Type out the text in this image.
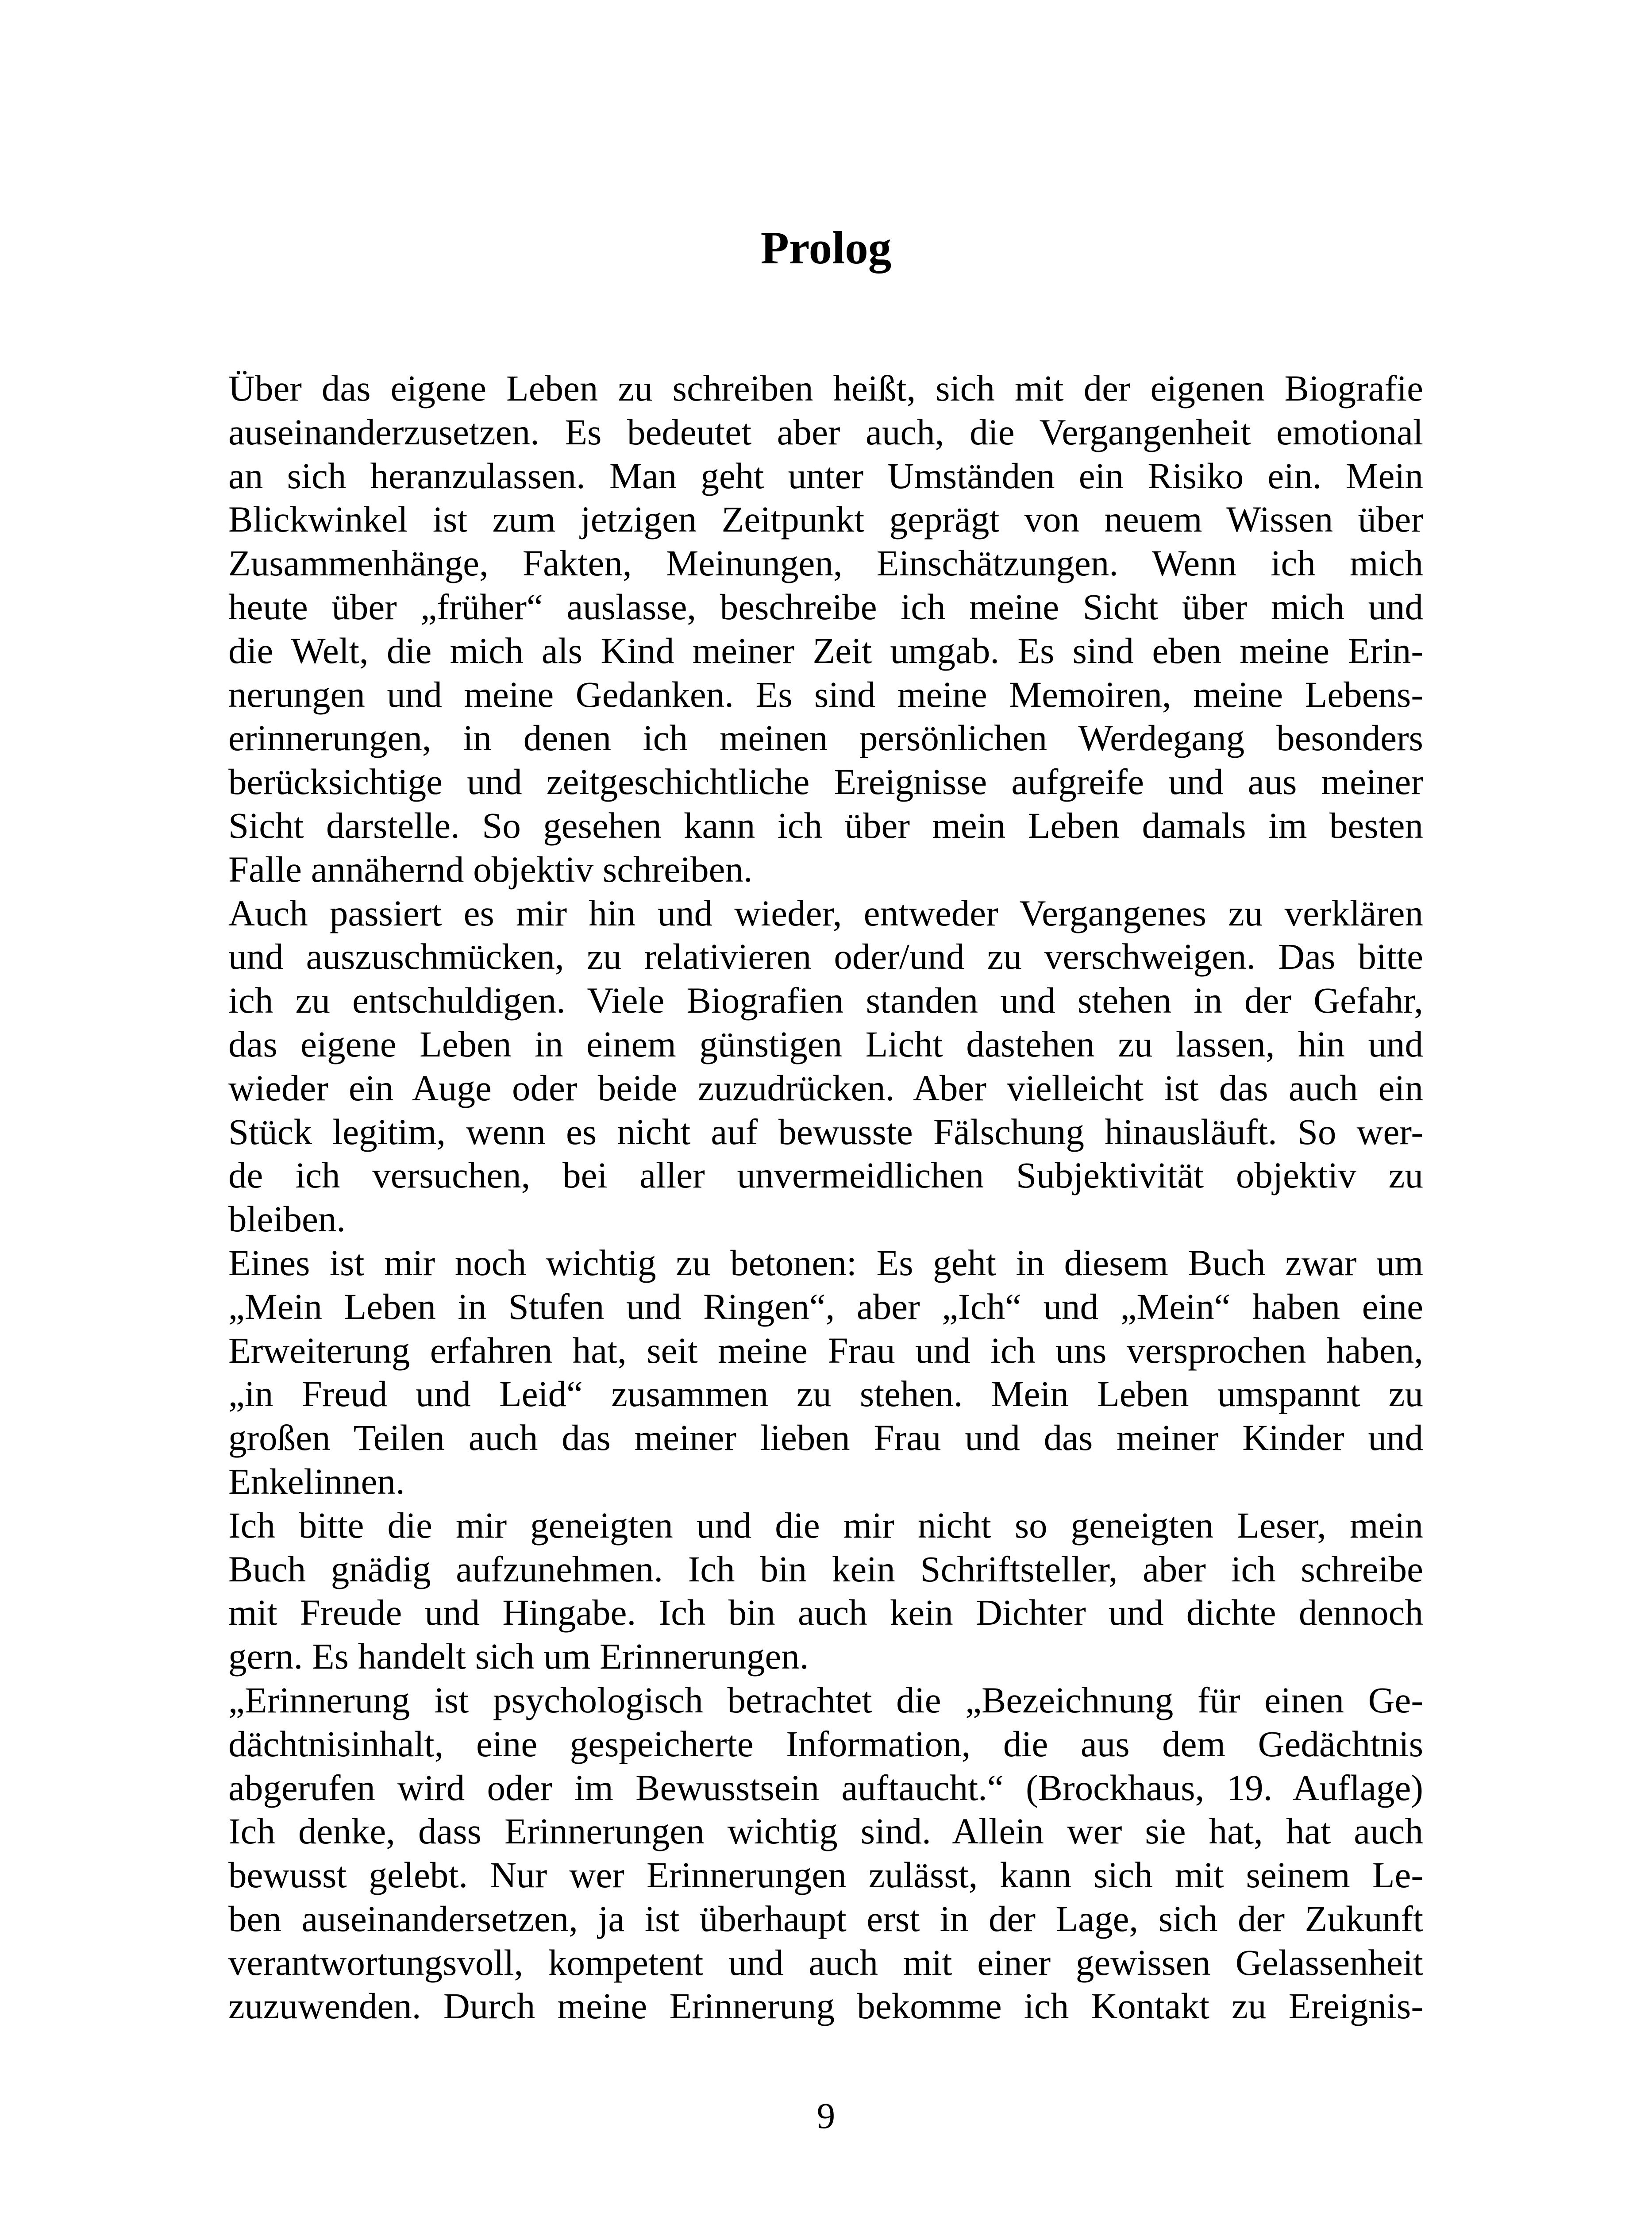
Prolog
Über das eigene Leben zu schreiben heißt, sich mit der eigenen Biografie
auseinanderzusetzen. Es bedeutet aber auch, die Vergangenheit emotional
an sich heranzulassen. Man geht unter Umständen ein Risiko ein. Mein
Blickwinkel ist zum jetzigen Zeitpunkt geprägt von neuem Wissen über
Zusammenhänge, Fakten, Meinungen, Einschätzungen. Wenn ich mich
heute über „früher“ auslasse, beschreibe ich meine Sicht über mich und
die Welt, die mich als Kind meiner Zeit umgab. Es sind eben meine Erin-
nerungen und meine Gedanken. Es sind meine Memoiren, meine Lebens-
erinnerungen, in denen ich meinen persönlichen Werdegang besonders
berücksichtige und zeitgeschichtliche Ereignisse aufgreife und aus meiner
Sicht darstelle. So gesehen kann ich über mein Leben damals im besten
Falle annähernd objektiv schreiben.
Auch passiert es mir hin und wieder, entweder Vergangenes zu verklären
und auszuschmücken, zu relativieren oder/und zu verschweigen. Das bitte
ich zu entschuldigen. Viele Biografien standen und stehen in der Gefahr,
das eigene Leben in einem günstigen Licht dastehen zu lassen, hin und
wieder ein Auge oder beide zuzudrücken. Aber vielleicht ist das auch ein
Stück legitim, wenn es nicht auf bewusste Fälschung hinausläuft. So wer-
de ich versuchen, bei aller unvermeidlichen Subjektivität objektiv zu
bleiben.
Eines ist mir noch wichtig zu betonen: Es geht in diesem Buch zwar um
„Mein Leben in Stufen und Ringen“, aber „Ich“ und „Mein“ haben eine
Erweiterung erfahren hat, seit meine Frau und ich uns versprochen haben,
„in Freud und Leid“ zusammen zu stehen. Mein Leben umspannt zu
großen Teilen auch das meiner lieben Frau und das meiner Kinder und
Enkelinnen.
Ich bitte die mir geneigten und die mir nicht so geneigten Leser, mein
Buch gnädig aufzunehmen. Ich bin kein Schriftsteller, aber ich schreibe
mit Freude und Hingabe. Ich bin auch kein Dichter und dichte dennoch
gern. Es handelt sich um Erinnerungen.
„Erinnerung ist psychologisch betrachtet die „Bezeichnung für einen Ge-
dächtnisinhalt, eine gespeicherte Information, die aus dem Gedächtnis
abgerufen wird oder im Bewusstsein auftaucht.“ (Brockhaus, 19. Auflage)
Ich denke, dass Erinnerungen wichtig sind. Allein wer sie hat, hat auch
bewusst gelebt. Nur wer Erinnerungen zulässt, kann sich mit seinem Le-
ben auseinandersetzen, ja ist überhaupt erst in der Lage, sich der Zukunft
verantwortungsvoll, kompetent und auch mit einer gewissen Gelassenheit
zuzuwenden. Durch meine Erinnerung bekomme ich Kontakt zu Ereignis-
9
